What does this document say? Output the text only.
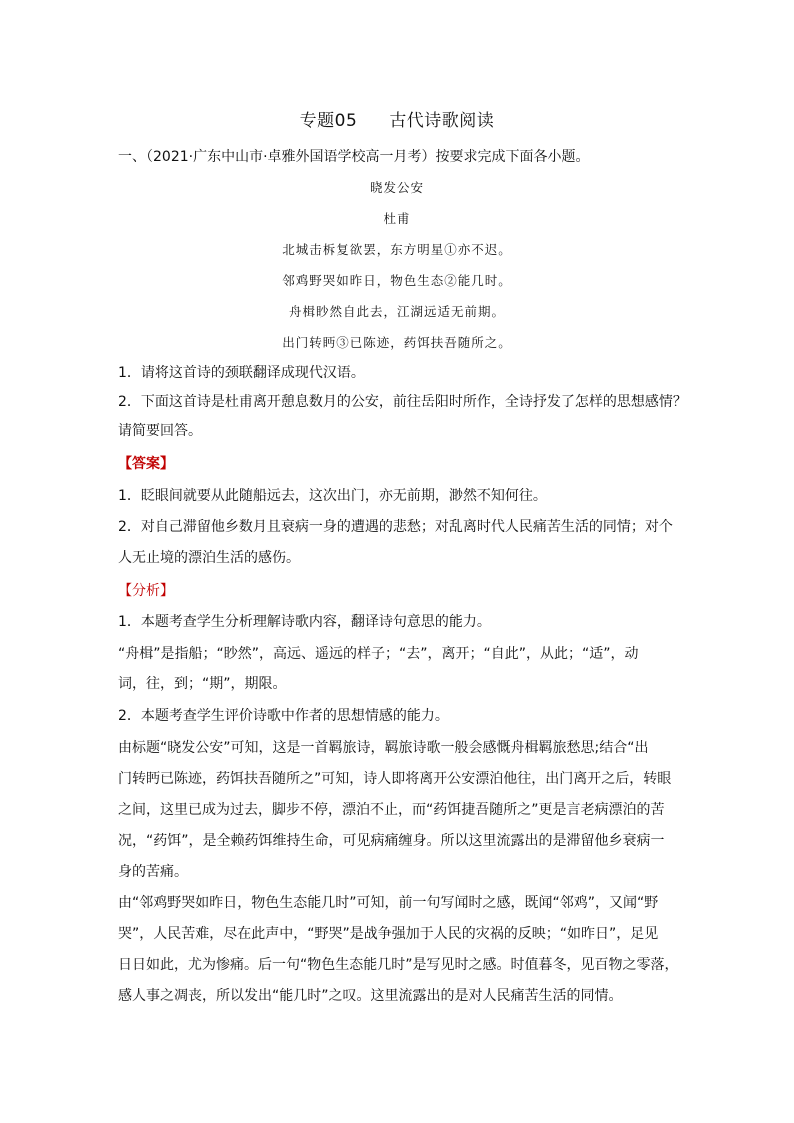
专题05 古代诗歌阅读
一、（2021·广东中山市·卓雅外国语学校高一月考）按要求完成下面各小题。
晓发公安
杜甫
北城击柝复欲罢，东方明星①亦不迟。
邻鸡野哭如昨日，物色生态②能几时。
舟楫眇然自此去，江湖远适无前期。
出门转眄③已陈迹，药饵扶吾随所之。
1．请将这首诗的颈联翻译成现代汉语。
2．下面这首诗是杜甫离开憩息数月的公安，前往岳阳时所作，全诗抒发了怎样的思想感情？
请简要回答。
【答案】
1．眨眼间就要从此随船远去，这次出门，亦无前期，渺然不知何往。
2．对自己滞留他乡数月且衰病一身的遭遇的悲愁；对乱离时代人民痛苦生活的同情；对个
人无止境的漂泊生活的感伤。
【分析】
1．本题考查学生分析理解诗歌内容，翻译诗句意思的能力。
“舟楫”是指船；“眇然”，高远、遥远的样子；“去”，离开；“自此”，从此；“适”，动
词，往，到；“期”，期限。
2．本题考查学生评价诗歌中作者的思想情感的能力。
由标题“晓发公安”可知，这是一首羁旅诗，羁旅诗歌一般会感慨舟楫羁旅愁思;结合“出
门转眄已陈迹，药饵扶吾随所之”可知，诗人即将离开公安漂泊他往，出门离开之后，转眼
之间，这里已成为过去，脚步不停，漂泊不止，而“药饵捷吾随所之”更是言老病漂泊的苦
况，“药饵”，是全赖药饵维持生命，可见病痛缠身。所以这里流露出的是滞留他乡衰病一
身的苦痛。
由“邻鸡野哭如昨日，物色生态能几时”可知，前一句写闻时之感，既闻“邻鸡”，又闻“野
哭”，人民苦难，尽在此声中，“野哭”是战争强加于人民的灾祸的反映；“如昨日”，足见
日日如此，尤为惨痛。后一句“物色生态能几时”是写见时之感。时值暮冬，见百物之零落，
感人事之凋丧，所以发出“能几时”之叹。这里流露出的是对人民痛苦生活的同情。
